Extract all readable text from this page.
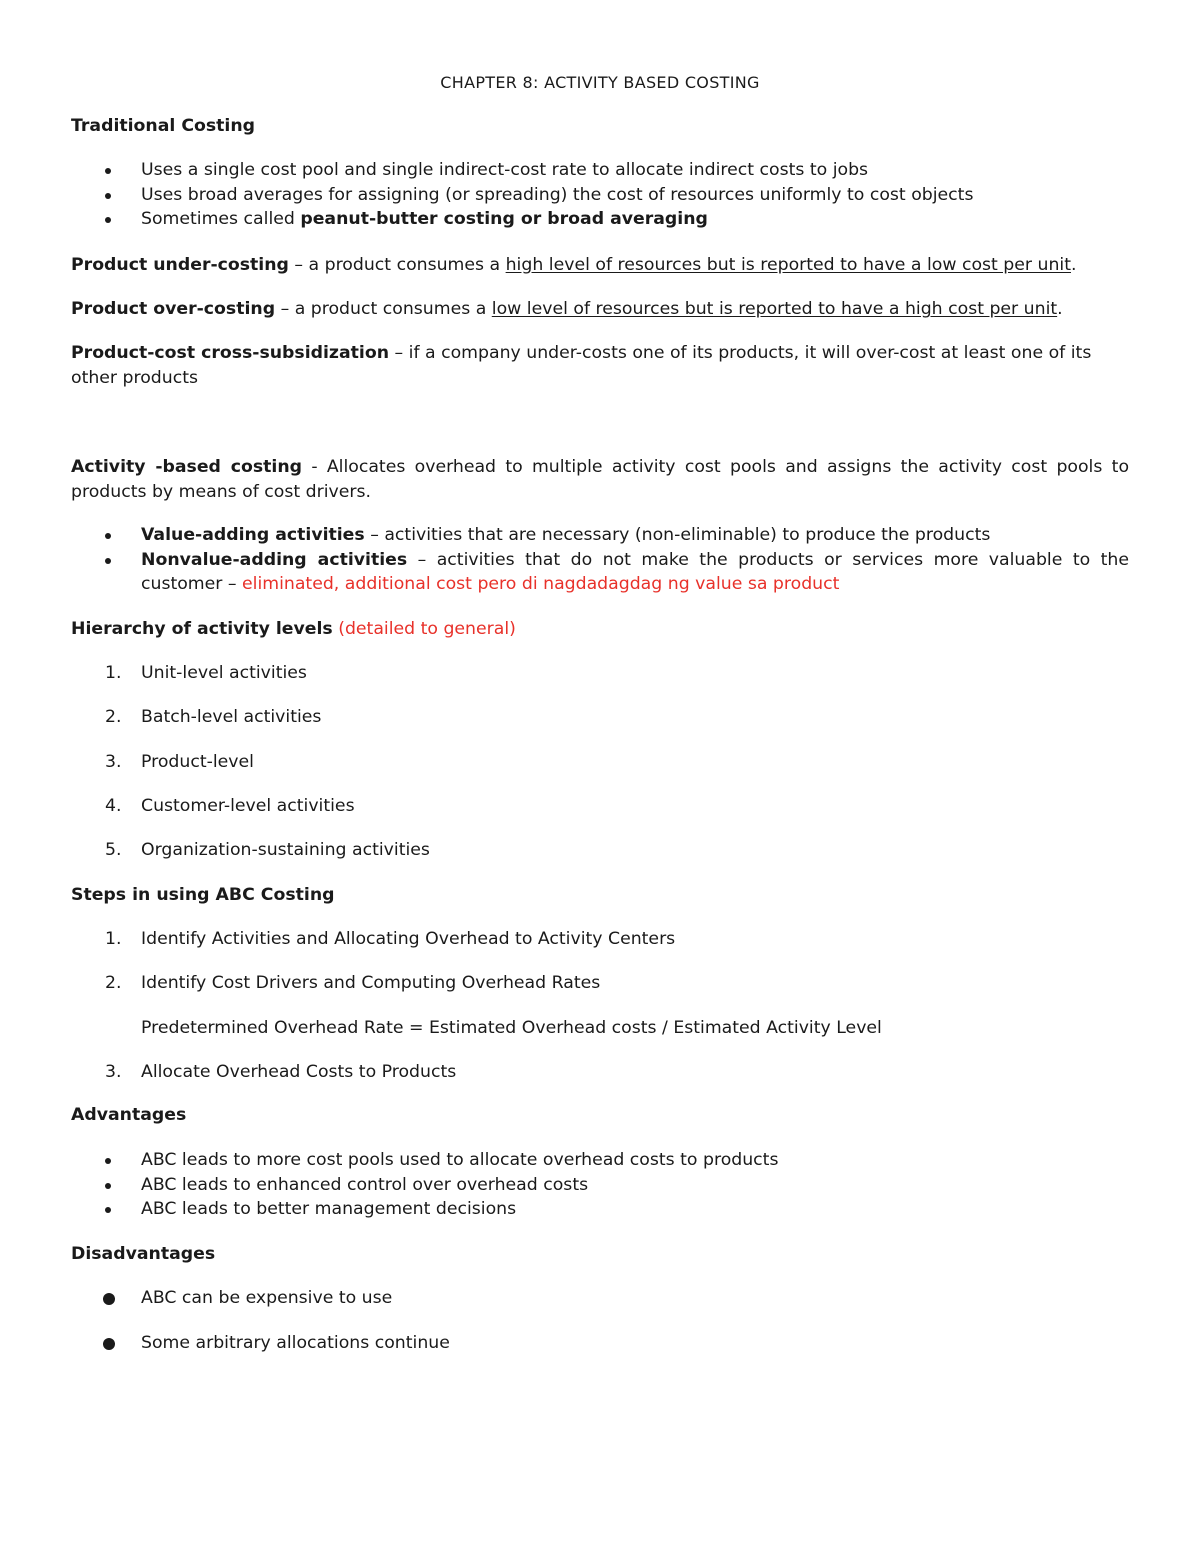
CHAPTER 8: ACTIVITY BASED COSTING
Traditional Costing
Uses a single cost pool and single indirect-cost rate to allocate indirect costs to jobs
Uses broad averages for assigning (or spreading) the cost of resources uniformly to cost objects
Sometimes called peanut-butter costing or broad averaging

Product under-costing – a product consumes a high level of resources but is reported to have a low cost per unit.

Product over-costing – a product consumes a low level of resources but is reported to have a high cost per unit.

Product-cost cross-subsidization – if a company under-costs one of its products, it will over-cost at least one of its other products

Activity -based costing - Allocates overhead to multiple activity cost pools and assigns the activity cost pools to products by means of cost drivers.

Value-adding activities – activities that are necessary (non-eliminable) to produce the products
Nonvalue-adding activities – activities that do not make the products or services more valuable to the customer – eliminated, additional cost pero di nagdadagdag ng value sa product
Hierarchy of activity levels (detailed to general)
1. Unit-level activities
2. Batch-level activities
3. Product-level
4. Customer-level activities
5. Organization-sustaining activities
Steps in using ABC Costing
1. Identify Activities and Allocating Overhead to Activity Centers
2. Identify Cost Drivers and Computing Overhead Rates
Predetermined Overhead Rate = Estimated Overhead costs / Estimated Activity Level
3. Allocate Overhead Costs to Products
Advantages
ABC leads to more cost pools used to allocate overhead costs to products
ABC leads to enhanced control over overhead costs
ABC leads to better management decisions
Disadvantages
ABC can be expensive to use
Some arbitrary allocations continue
